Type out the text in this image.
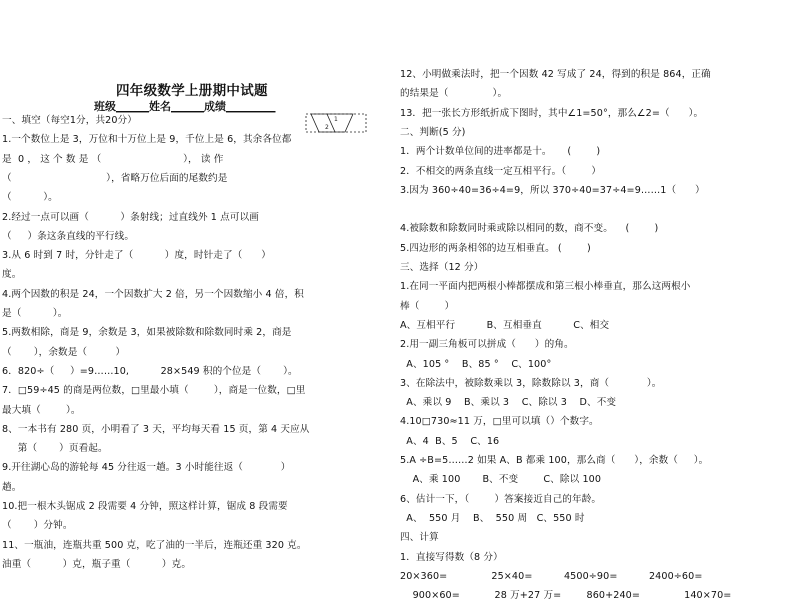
四年级数学上册期中试题
班级______姓名______成绩_________
一、填空（每空1分，共20分）
1.一个数位上是 3，万位和十万位上是 9，千位上是 6，其余各位都
是  0 ， 这 个 数 是 （                          ）， 读 作
（                              ），省略万位后面的尾数约是
（          ）。
2.经过一点可以画（          ）条射线；过直线外 1 点可以画
（     ）条这条直线的平行线。
3.从 6 时到 7 时，分针走了（          ）度，时针走了（      ）
度。
4.两个因数的积是 24，一个因数扩大 2 倍，另一个因数缩小 4 倍，积
是（          ）。
5.两数相除，商是 9，余数是 3，如果被除数和除数同时乘 2，商是
（       ），余数是（         ）
6．820÷（     ）=9……10,          28×549 积的个位是（       ）。
7．□59÷45 的商是两位数，□里最小填（        ），商是一位数，□里
最大填（        ）。
8、一本书有 280 页，小明看了 3 天，平均每天看 15 页，第 4 天应从
第（       ）页看起。
9.开往湖心岛的游轮每 45 分往返一趟。3 小时能往返（            ）
趟。
10.把一根木头锯成 2 段需要 4 分钟，照这样计算，锯成 8 段需要
（       ）分钟。
11、一瓶油，连瓶共重 500 克，吃了油的一半后，连瓶还重 320 克。
油重（          ）克，瓶子重（          ）克。
12、小明做乘法时，把一个因数 42 写成了 24，得到的积是 864，正确
的结果是（              ）。
13．把一张长方形纸折成下图时，其中∠1=50°，那么∠2=（      ）。
二、判断(5 分)
1．两个计数单位间的进率都是十。     (        )
2．不相交的两条直线一定互相平行。（        ）
3.因为 360÷40=36÷4=9，所以 370÷40=37÷4=9……1（      ）
4.被除数和除数同时乘或除以相同的数，商不变。    (        )
5.四边形的两条相邻的边互相垂直。 (        )
三、选择（12 分）
1.在同一平面内把两根小棒都摆成和第三根小棒垂直，那么这两根小
棒（        ）
A、互相平行          B、互相垂直          C、相交
2.用一副三角板可以拼成（      ）的角。
A、105 °    B、85 °    C、100°
3、在除法中，被除数乘以 3，除数除以 3，商（            ）。
A、乘以 9    B、乘以 3    C、除以 3    D、不变
4.10□730≈11 万，□里可以填（）个数字。
A、4  B、5    C、16
5.A ÷B=5……2 如果 A、B 都乘 100，那么商（      ），余数（     ）。
A、乘 100       B、不变        C、除以 100
6、估计一下，（        ）答案接近自己的年龄。
A、  550 月    B、  550 周   C、550 时
四、计算
1．直接写得数（8 分）
20×360=              25×40=          4500÷90=          2400÷60=
900×60=           28 万+27 万=        860+240=              140×70=
1
2
